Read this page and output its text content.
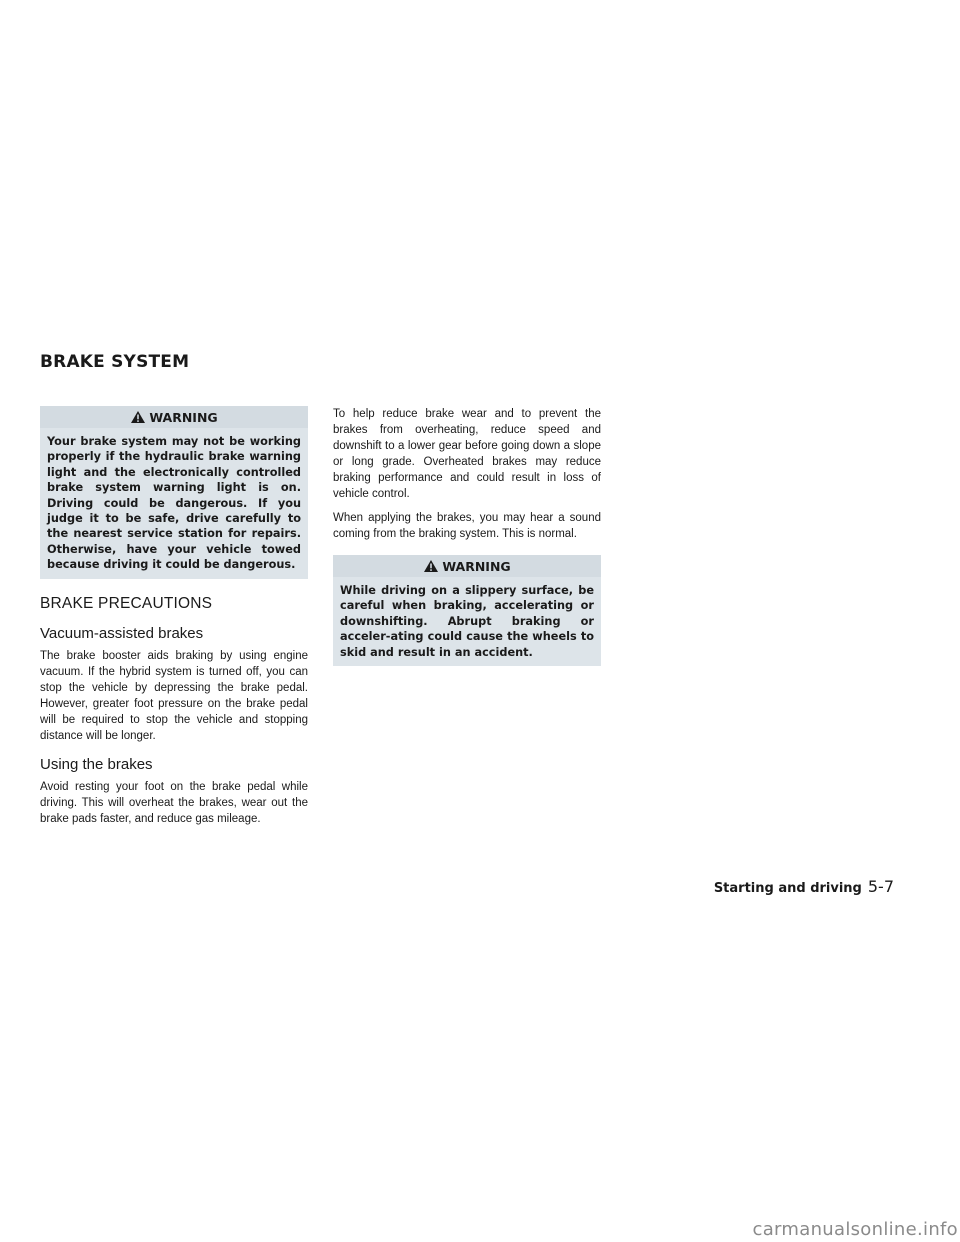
BRAKE SYSTEM
WARNING
Your brake system may not be working properly if the hydraulic brake warning light and the electronically controlled brake system warning light is on. Driving could be dangerous. If you judge it to be safe, drive carefully to the nearest service station for repairs. Otherwise, have your vehicle towed because driving it could be dangerous.
BRAKE PRECAUTIONS
Vacuum-assisted brakes

The brake booster aids braking by using engine vacuum. If the hybrid system is turned off, you can stop the vehicle by depressing the brake pedal. However, greater foot pressure on the brake pedal will be required to stop the vehicle and stopping distance will be longer.

Using the brakes

Avoid resting your foot on the brake pedal while driving. This will overheat the brakes, wear out the brake pads faster, and reduce gas mileage.

To help reduce brake wear and to prevent the brakes from overheating, reduce speed and downshift to a lower gear before going down a slope or long grade. Overheated brakes may reduce braking performance and could result in loss of vehicle control.

When applying the brakes, you may hear a sound coming from the braking system. This is normal.

WARNING
While driving on a slippery surface, be careful when braking, accelerating or downshifting. Abrupt braking or acceler-ating could cause the wheels to skid and result in an accident.
Starting and driving 5-7
carmanualsonline.info
